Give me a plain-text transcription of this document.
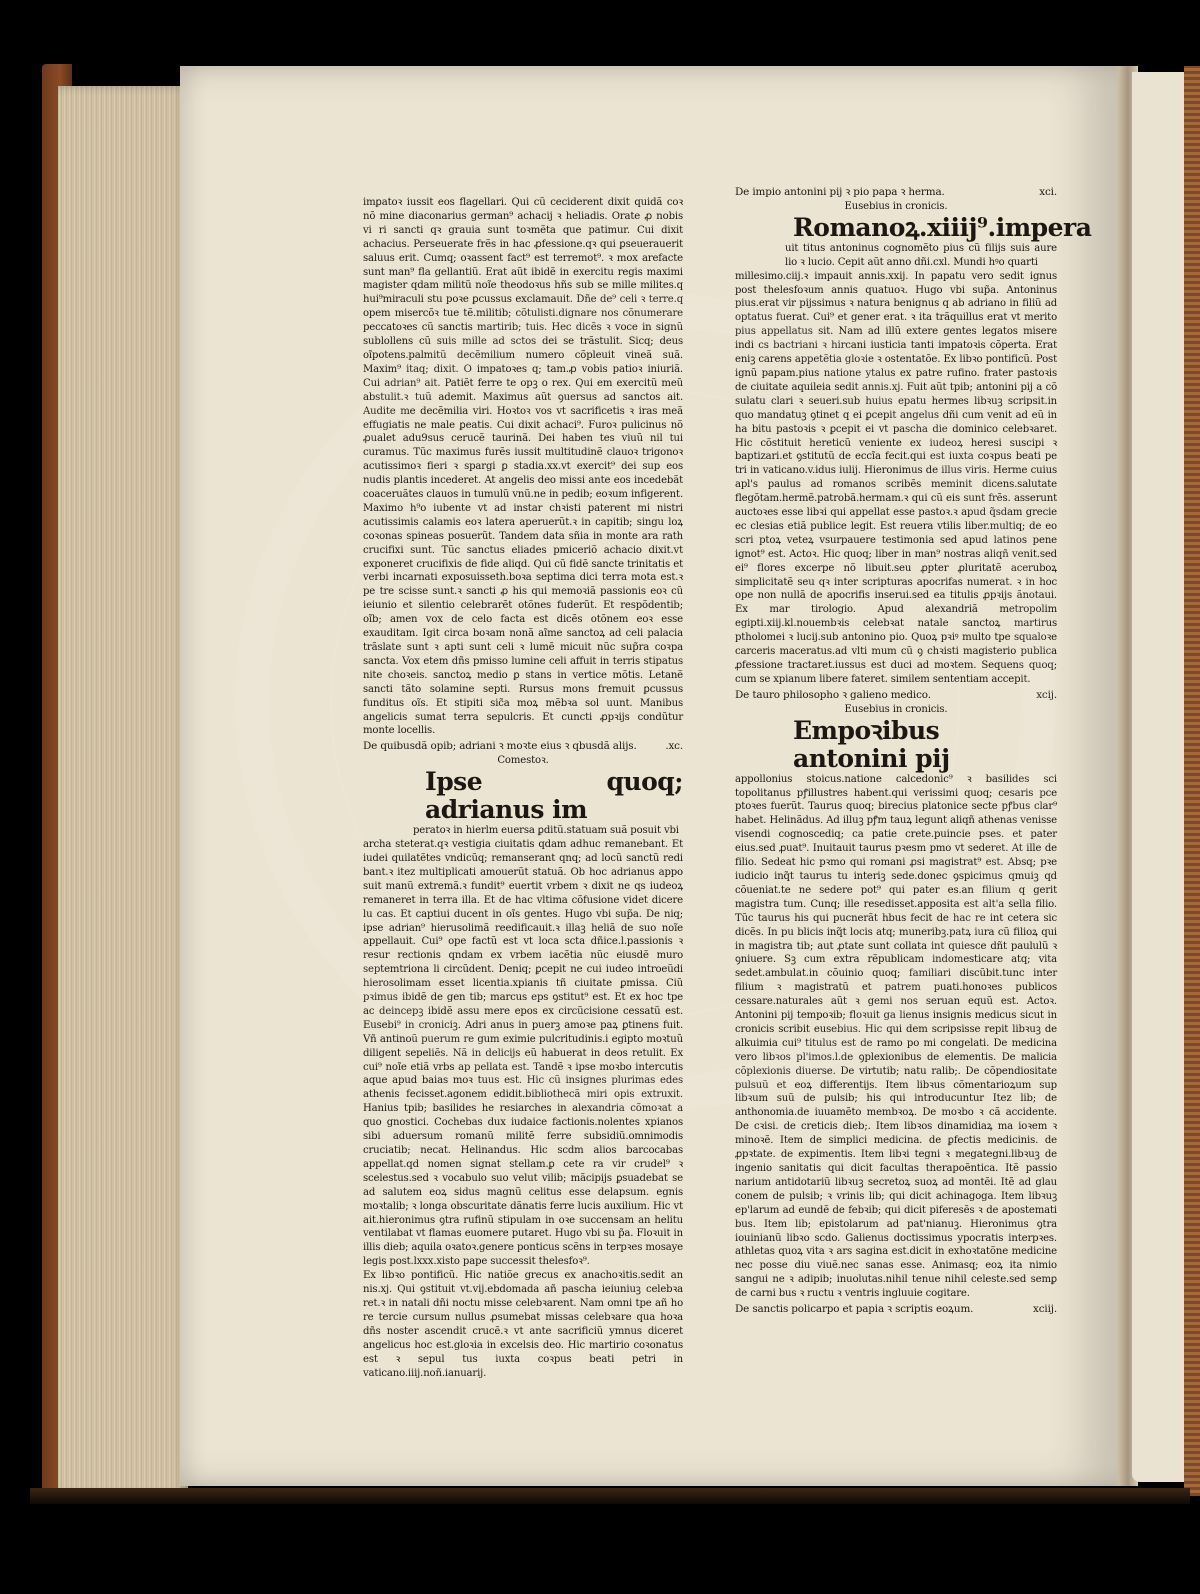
imꝑatoꝛ iussit eos flagellari. Qui cũ ceciderent dixit quidã coꝛ nõ mine diaconarius german⁹ achacij ꝛ heliadis. Orate ꝓ nobis vi ri sancti qꝛ grauia sunt toꝛmẽta que patimur. Cui dixit achacius. Perseuerate frẽs in hac ꝓfessione.qꝛ qui ꝑseuerauerit saluus erit. Cumq; oꝛassent fact⁹ est terremot⁹. ꝛ mox arefacte sunt man⁹ fla gellantiũ. Erat aũt ibidẽ in exercitu regis maximi magister qdam militũ noĩe theodoꝛus hñs sub se mille milites.q hui⁹miraculi stu poꝛe ꝑcussus exclamauit. Dñe de⁹ celi ꝛ terre.q opem misercõꝛ tue tẽ.militib; cõtulisti.dignare nos cõnumerare peccatoꝛes cũ sanctis martirib; tuis. Hec dicẽs ꝛ voce in signũ sublollens cũ suis mille ad sctos dei se trãstulit. Sicq; deus oĩpotens.palmitũ decẽmilium numero cõpleuit vineã suã. Maxim⁹ itaq; dixit. O impatoꝛes q; tam.ꝓ vobis patioꝛ iniuriã. Cui adrian⁹ ait. Patiẽt ferre te opꝫ o rex. Qui em exercitũ meũ abstulit.ꝛ tuũ ademit. Maximus aũt ꝯuersus ad sanctos ait. Audite me decẽmilia viri. Hoꝛtoꝛ vos vt sacrificetis ꝛ iras meã effugiatis ne male ꝑeatis. Cui dixit achaci⁹. Furoꝛ pulicinus nõ ꝓualet adu9sus cerucẽ taurinã. Dei haben tes viuũ nil tui curamus. Tũc maximus furẽs iussit multitudinẽ clauoꝛ trigonoꝛ acutissimoꝛ fieri ꝛ spargi ꝑ stadia.xx.vt exercit⁹ dei sup eos nudis plantis incederet. At angelis deo missi ante eos incedebãt coaceruãtes clauos in tumulũ vnũ.ne in pedib; eoꝛum infigerent. Maximo h⁹o iubente vt ad instar chꝛisti paterent mi nistri acutissimis calamis eoꝛ latera aperuerũt.ꝛ in capitib; singu loꝝ coꝛonas spineas posuerũt. Tandem data sñia in monte ara rath crucifixi sunt. Tũc sanctus eliades pmiceriõ achacio dixit.vt exponeret crucifixis de fide aliqd. Qui cũ fidẽ sancte trinitatis et verbi incarnati exposuisseth.boꝛa septima dici terra mota est.ꝛ pe tre scisse sunt.ꝛ sancti ꝓ his qui memoꝛiã passionis eoꝛ cũ ieiunio et silentio celebrarẽt otõnes fuderũt. Et respõdentib; oĩb; amen vox de celo facta est dicẽs otõnem eoꝛ esse exauditam. Igit circa boꝛam nonã aĩme sanctoꝝ ad celi palacia trãslate sunt ꝛ apti sunt celi ꝛ lumẽ micuit nũc sup̃ra coꝛpa sancta. Vox etem dñs pmisso lumine celi affuit in terris stipatus nite choꝛeis. sanctoꝝ medio ꝑ stans in vertice mõtis. Letanẽ sancti tãto solamine septi. Rursus mons fremuit ꝑcussus funditus oĩs. Et stipiti sic̃a moꝝ mẽbꝛa sol uunt. Manibus angelicis sumat terra sepulcris. Et cuncti ꝓpꝛijs condũtur monte locellis.

De quibusdã opib; adriani ꝛ moꝛte eius ꝛ qbusdã alijs.	.xc.
Comestoꝛ.
Ipse quoq; adrianus im

peratoꝛ in hierlm euersa ꝑditũ.statuam suã posuit vbi

archa steterat.qꝛ vestigia ciuitatis qdam adhuc remanebant. Et iudei quilatẽtes vndicũq; remanserant qnq; ad locũ sanctũ redi bant.ꝛ itez multiplicati amouerũt statuã. Ob hoc adrianus appo suit manũ extremã.ꝛ fundit⁹ euertit vrbem ꝛ dixit ne qs iudeoꝝ remaneret in terra illa. Et de hac vltima cõfusione videt dicere lu cas. Et captiui ducent in oĩs gentes. Hugo vbi sup̃a. De niq; ipse adrian⁹ hierusolimã reedificauit.ꝛ illaꝫ heliã de suo noĩe appellauit. Cui⁹ ope factũ est vt loca scta dñice.l.passionis ꝛ resur rectionis qndam ex vrbem iacẽtia nũc eiusdẽ muro septemtriona li circũdent. Deniq; ꝑcepit ne cui iudeo introeũdi hierosolimam esset licentia.xpianis tñ ciuitate ꝑmissa. Ciũ pꝛimus ibidẽ de gen tib; marcus eps ꝯstitut⁹ est. Et ex hoc tpe ac deincepꝫ ibidẽ assu mere epos ex circũcisione cessatũ est. Eusebi⁹ in croniciꝫ. Adri anus in puerꝫ amoꝛe paꝝ ꝑtinens fuit. Vñ antinoũ puerum re gum eximie pulcritudinis.i egipto moꝛtuũ diligent sepeliẽs. Nã in delicijs eũ habuerat in deos retulit. Ex cui⁹ noĩe etiã vrbs ap pellata est. Tandẽ ꝛ ipse moꝛbo intercutis aque apud baias moꝛ tuus est. Hic cũ insignes plurimas edes athenis fecisset.agonem edidit.bibliothecã miri opis extruxit. Hanius tpib; basilides he resiarches in alexandria cõmoꝛat a quo gnostici. Cochebas dux iudaice factionis.nolentes xpianos sibi aduersum romanũ militẽ ferre subsidiũ.omnimodis cruciatib; necat. Helinandus. Hic scdm alios barcocabas appellat.qd nomen signat stellam.ꝑ cete ra vir crudel⁹ ꝛ scelestus.sed ꝛ vocabulo suo velut vilib; mãcipijs ꝑsuadebat se ad salutem eoꝝ sidus magnũ celitus esse delapsum. egnis moꝛtalib; ꝛ longa obscuritate dãnatis ferre lucis auxilium. Hic vt ait.hieronimus ꝯtra rufinũ stipulam in oꝛe succensam an helitu ventilabat vt flamas euomere putaret. Hugo vbi su p̃a. Floꝛuit in illis dieb; aquila oꝛatoꝛ.genere ponticus scẽns in terpꝛes mosaye legis post.lxxx.xisto pape successit thelesfoꝛ⁹.

Ex libꝛo pontificũ. Hic natiõe grecus ex anachoꝛitis.sedit an nis.xj. Qui ꝯstituit vt.vij.ebdomada añ pascha ieiuniuꝫ celebꝛa ret.ꝛ in natali dñi noctu misse celebꝛarent. Nam omni tpe añ ho re tercie cursum nullus ꝓsumebat missas celebꝛare qua hoꝛa dñs noster ascendit crucẽ.ꝛ vt ante sacrificiũ ymnus diceret angelicus hoc est.gloꝛia in excelsis deo. Hic martirio coꝛonatus est ꝛ sepul tus iuxta coꝛpus beati petri in vaticano.iiij.noñ.ianuarij.

De impio antonini pij ꝛ pio papa ꝛ herma.	xci.
Eusebius in cronicis.
Romanoꝝ.xiiij⁹.impera

uit titus antoninus cognomẽto pius cũ filijs suis aure lio ꝛ lucio. Cepit aũt anno dñi.cxl. Mundi hꝰo quarti

millesimo.ciij.ꝛ impauit annis.xxij. In papatu vero sedit ignus post thelesfoꝛum annis quatuoꝛ. Hugo vbi sup̃a. Antoninus pius.erat vir pijssimus ꝛ natura benignus q ab adriano in filiũ ad optatus fuerat. Cui⁹ et gener erat. ꝛ ita trãquillus erat vt merito pius appellatus sit. Nam ad illũ extere gentes legatos misere indi cs bactriani ꝛ hircani iusticia tanti impatoꝛis cõperta. Erat eniꝫ carens appetẽtia gloꝛie ꝛ ostentatõe. Ex libꝛo pontificũ. Post ignũ papam.pius natione ytalus ex patre rufino. frater pastoꝛis de ciuitate aquileia sedit annis.xj. Fuit aũt tpib; antonini pij a cõ sulatu clari ꝛ seueri.sub huius epatu hermes libꝛuꝫ scripsit.in quo mandatuꝫ ꝯtinet q ei ꝑcepit angelus dñi cum venit ad eũ in ha bitu pastoꝛis ꝛ ꝑcepit ei vt pascha die dominico celebꝛaret. Hic cõstituit hereticũ veniente ex iudeoꝝ heresi suscipi ꝛ baptizari.et ꝯstitutũ de eccĩa fecit.qui est iuxta coꝛpus beati pe tri in vaticano.v.idus iulij. Hieronimus de illus viris. Herme cuius apl's paulus ad romanos scribẽs meminit dicens.salutate flegõtam.hermẽ.patrobã.hermam.ꝛ qui cũ eis sunt frẽs. asserunt auctoꝛes esse libꝛi qui appellat esse pastoꝛ.ꝛ apud q̃sdam grecie ec clesias etiã publice legit. Est reuera vtilis liber.multiq; de eo scri ptoꝝ veteꝝ vsurpauere testimonia sed apud latinos pene ignot⁹ est. Actoꝛ. Hic quoq; liber in man⁹ nostras aliqñ venit.sed ei⁹ flores excerpe nõ libuit.seu ꝓpter ꝓluritatẽ aceruboꝝ simplicitatẽ seu qꝛ inter scripturas apocrifas numerat. ꝛ in hoc ope non nullã de apocrifis inserui.sed ea titulis ꝓpꝛijs ãnotaui. Ex mar tirologio. Apud alexandriã metropolim egipti.xiij.kl.nouembꝛis celebꝛat natale sanctoꝝ martirus ptholomei ꝛ lucij.sub antonino pio. Quoꝝ pꝛiꝰ multo tpe squaloꝛe carceris maceratus.ad vlti mum cũ ꝯ chꝛisti magisterio publica ꝓfessione tractaret.iussus est duci ad moꝛtem. Sequens quoq; cum se xpianum libere fateret. similem sententiam accepit.

De tauro philosopho ꝛ galieno medico.	xcij.
Eusebius in cronicis.
Empoꝛibus antonini pij

appollonius stoicus.natione calcedonic⁹ ꝛ basilides sci topolitanus pꝭillustres habent.qui verissimi quoq; cesaris pce ptoꝛes fuerũt. Taurus quoq; birecius platonice secte pꝭbus clar⁹ habet. Helinãdus. Ad illuꝫ pꝭm tauꝝ legunt aliqñ athenas venisse visendi cognoscediq; ca patie crete.puincie pses. et pater eius.sed ꝓuat⁹. Inuitauit taurus pꝛesm pmo vt sederet. At ille de filio. Sedeat hic pꝛmo qui romani ꝓsi magistrat⁹ est. Absq; pꝛe iudicio inq̃t taurus tu interiꝫ sede.donec ꝯspicimus qmuiꝫ qd cõueniat.te ne sedere pot⁹ qui pater es.an filium q gerit magistra tum. Cunq; ille resedisset.apposita est alt'a sella filio. Tũc taurus his qui pucnerãt hbus fecit de hac re int cetera sic dicẽs. In pu blicis inq̃t locis atq; muneribꝫ.patꝝ iura cũ filioꝝ qui in magistra tib; aut ꝓtate sunt collata int quiesce dñt paululũ ꝛ ꝯniuere. Sꝫ cum extra rẽpublicam indomesticare atq; vita sedet.ambulat.in cõuinio quoq; familiari discũbit.tunc inter filium ꝛ magistratũ et patrem puati.honoꝛes publicos cessare.naturales aũt ꝛ gemi nos seruan equũ est. Actoꝛ. Antonini pij tempoꝛib; floꝛuit ga lienus insignis medicus sicut in cronicis scribit eusebius. Hic qui dem scripsisse repit libꝛuꝫ de alkuimia cui⁹ titulus est de ramo po mi congelati. De medicina vero libꝛos pl'imos.l.de ꝯplexionibus de elementis. De malicia cõplexionis diuerse. De virtutib; natu ralib;. De cõpendiositate pulsuũ et eoꝝ differentijs. Item libꝛus cõmentarioꝝum sup libꝛum suũ de pulsib; his qui introducuntur Itez lib; de anthonomia.de iuuamẽto membꝛoꝝ. De moꝛbo ꝛ cã accidente. De cꝛisi. de creticis dieb;. Item libꝛos dinamidiaꝝ ma ioꝛem ꝛ minoꝛẽ. Item de simplici medicina. de ꝑfectis medicinis. de ꝓpꝛtate. de expimentis. Item libꝛi tegni ꝛ megategni.libꝛuꝫ de ingenio sanitatis qui dicit facultas therapoẽntica. Itẽ passio narium antidotariũ libꝛuꝫ secretoꝝ suoꝝ ad montẽi. Itẽ ad glau conem de pulsib; ꝛ vrinis lib; qui dicit achinagoga. Item libꝛuꝫ ep'larum ad eundẽ de febꝛib; qui dicit piferesẽs ꝛ de apostemati bus. Item lib; epistolarum ad pat'nianuꝫ. Hieronimus ꝯtra iouinianũ libꝛo scdo. Galienus doctissimus ypocratis interpꝛes. athletas quoꝝ vita ꝛ ars sagina est.dicit in exhoꝛtatõne medicine nec posse diu viuẽ.nec sanas esse. Animasq; eoꝝ ita nimio sangui ne ꝛ adipib; inuolutas.nihil tenue nihil celeste.sed semꝑ de carni bus ꝛ ructu ꝛ ventris ingluuie cogitare.

De sanctis policarpo et papia ꝛ scriptis eoꝝum.	xciij.
